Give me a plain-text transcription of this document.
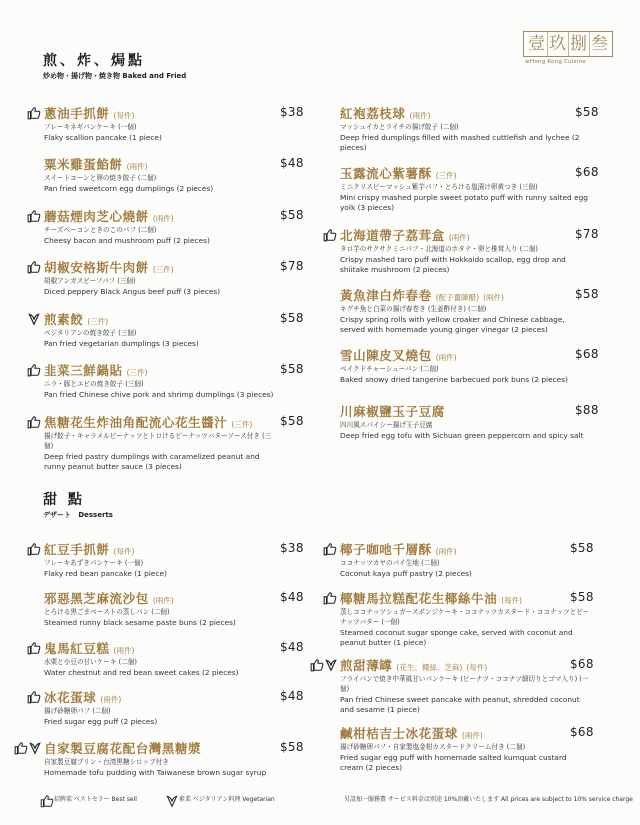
壹 玖 捌 叁
≡Hong Kong Cuisine
煎、炸、焗點
炒め物・揚げ物・焼き物 Baked and Fried
甜 點
デザート Desserts
蔥油手抓餅 (每件)
フレーキネギパンケーキ (一個)
Flaky scallion pancake (1 piece)
$38
粟米雞蛋餡餅 (兩件)
スイートコーンと卵の焼き餃子 (二個)
Pan fried sweetcorn egg dumplings (2 pieces)
$48
蘑菇煙肉芝心燒餅 (兩件)
チーズベーコンときのこのパフ (二個)
Cheesy bacon and mushroom puff (2 pieces)
$58
胡椒安格斯牛肉餅 (三件)
胡椒アンガスビーフパフ (三個)
Diced peppery Black Angus beef puff (3 pieces)
$78
煎素餃 (三件)
ベジタリアンの焼き餃子 (三個)
Pan fried vegetarian dumplings (3 pieces)
$58
韭菜三鮮鍋貼 (三件)
ニラ・豚とエビの焼き餃子 (三個)
Pan fried Chinese chive pork and shrimp dumplings (3 pieces)
$58
焦糖花生炸油角配流心花生醬汁 (三件)
揚げ餃子・キャラメルピーナッツとトロけるピーナッツバターソース付き (三個)
Deep fried pastry dumplings with caramelized peanut and runny peanut butter sauce (3 pieces)
$58
紅袍荔枝球 (兩件)
マッシュイカとライチの揚げ餃子 (二個)
Deep fried dumplings filled with mashed cuttlefish and lychee (2 pieces)
$58
玉露流心紫薯酥 (三件)
ミニクリスピーマッシュ紫芋パフ・とろける塩漬け卵黄つき (三個)
Mini crispy mashed purple sweet potato puff with runny salted egg yolk (3 pieces)
$68
北海道帶子荔茸盒 (兩件)
タロ芋のサクサクミニパフ・北海道のホタテ・卵と椎茸入り (二個)
Crispy mashed taro puff with Hokkaido scallop, egg drop and shiitake mushroom (2 pieces)
$78
黃魚津白炸春卷 (配子薑陳醋) (兩件)
キグチ魚と白菜の揚げ春巻き (生姜酢付き) (二個)
Crispy spring rolls with yellow croaker and Chinese cabbage, served with homemade young ginger vinegar (2 pieces)
$58
雪山陳皮叉燒包 (兩件)
ベイクドチャーシューパン (二個)
Baked snowy dried tangerine barbecued pork buns (2 pieces)
$68
川麻椒鹽玉子豆腐
四川風スパイシー揚げ玉子豆腐
Deep fried egg tofu with Sichuan green peppercorn and spicy salt
$88
紅豆手抓餅 (每件)
フレーキあずきパンケーキ (一個)
Flaky red bean pancake (1 piece)
$38
邪惡黑芝麻流沙包 (兩件)
とろける黒ごまペーストの蒸しパン (二個)
Steamed runny black sesame paste buns (2 pieces)
$48
鬼馬紅豆糕 (兩件)
水栗と小豆の甘いケーキ (二個)
Water chestnut and red bean sweet cakes (2 pieces)
$48
冰花蛋球 (兩件)
揚げ砂糖卵パフ (二個)
Fried sugar egg puff (2 pieces)
$48
自家製豆腐花配台灣黑糖漿
自家製豆腐プリン・台湾黒糖シロップ付き
Homemade tofu pudding with Taiwanese brown sugar syrup
$58
椰子咖吔千層酥 (兩件)
ココナッツカヤのパイ生地 (二個)
Coconut kaya puff pastry (2 pieces)
$58
椰糖馬拉糕配花生椰絲牛油 (每件)
蒸しココナッツシュガースポンジケーキ・ココナッツカスタード・ココナッツとピーナッツバター (一個)
Steamed coconut sugar sponge cake, served with coconut and peanut butter (1 piece)
$58
煎甜薄罉 (花生、椰絲、芝麻) (每件)
フライパンで焼き中華風甘いパンケーキ (ピーナツ・ココナツ細切りとゴマ入り) (一個)
Pan fried Chinese sweet pancake with peanut, shredded coconut and sesame (1 piece)
$68
鹹柑桔吉士冰花蛋球 (兩件)
揚げ砂糖卵パフ・自家製塩金柑カスタードクリーム付き (二個)
Fried sugar egg puff with homemade salted kumquat custard cream (2 pieces)
$68
招牌菜 ベストセラー Best sell	素菜 ベジタリアン料理 Vegetarian	另設加一服務費 サービス料金は別途 10%頂戴いたします All prices are subject to 10% service charge
